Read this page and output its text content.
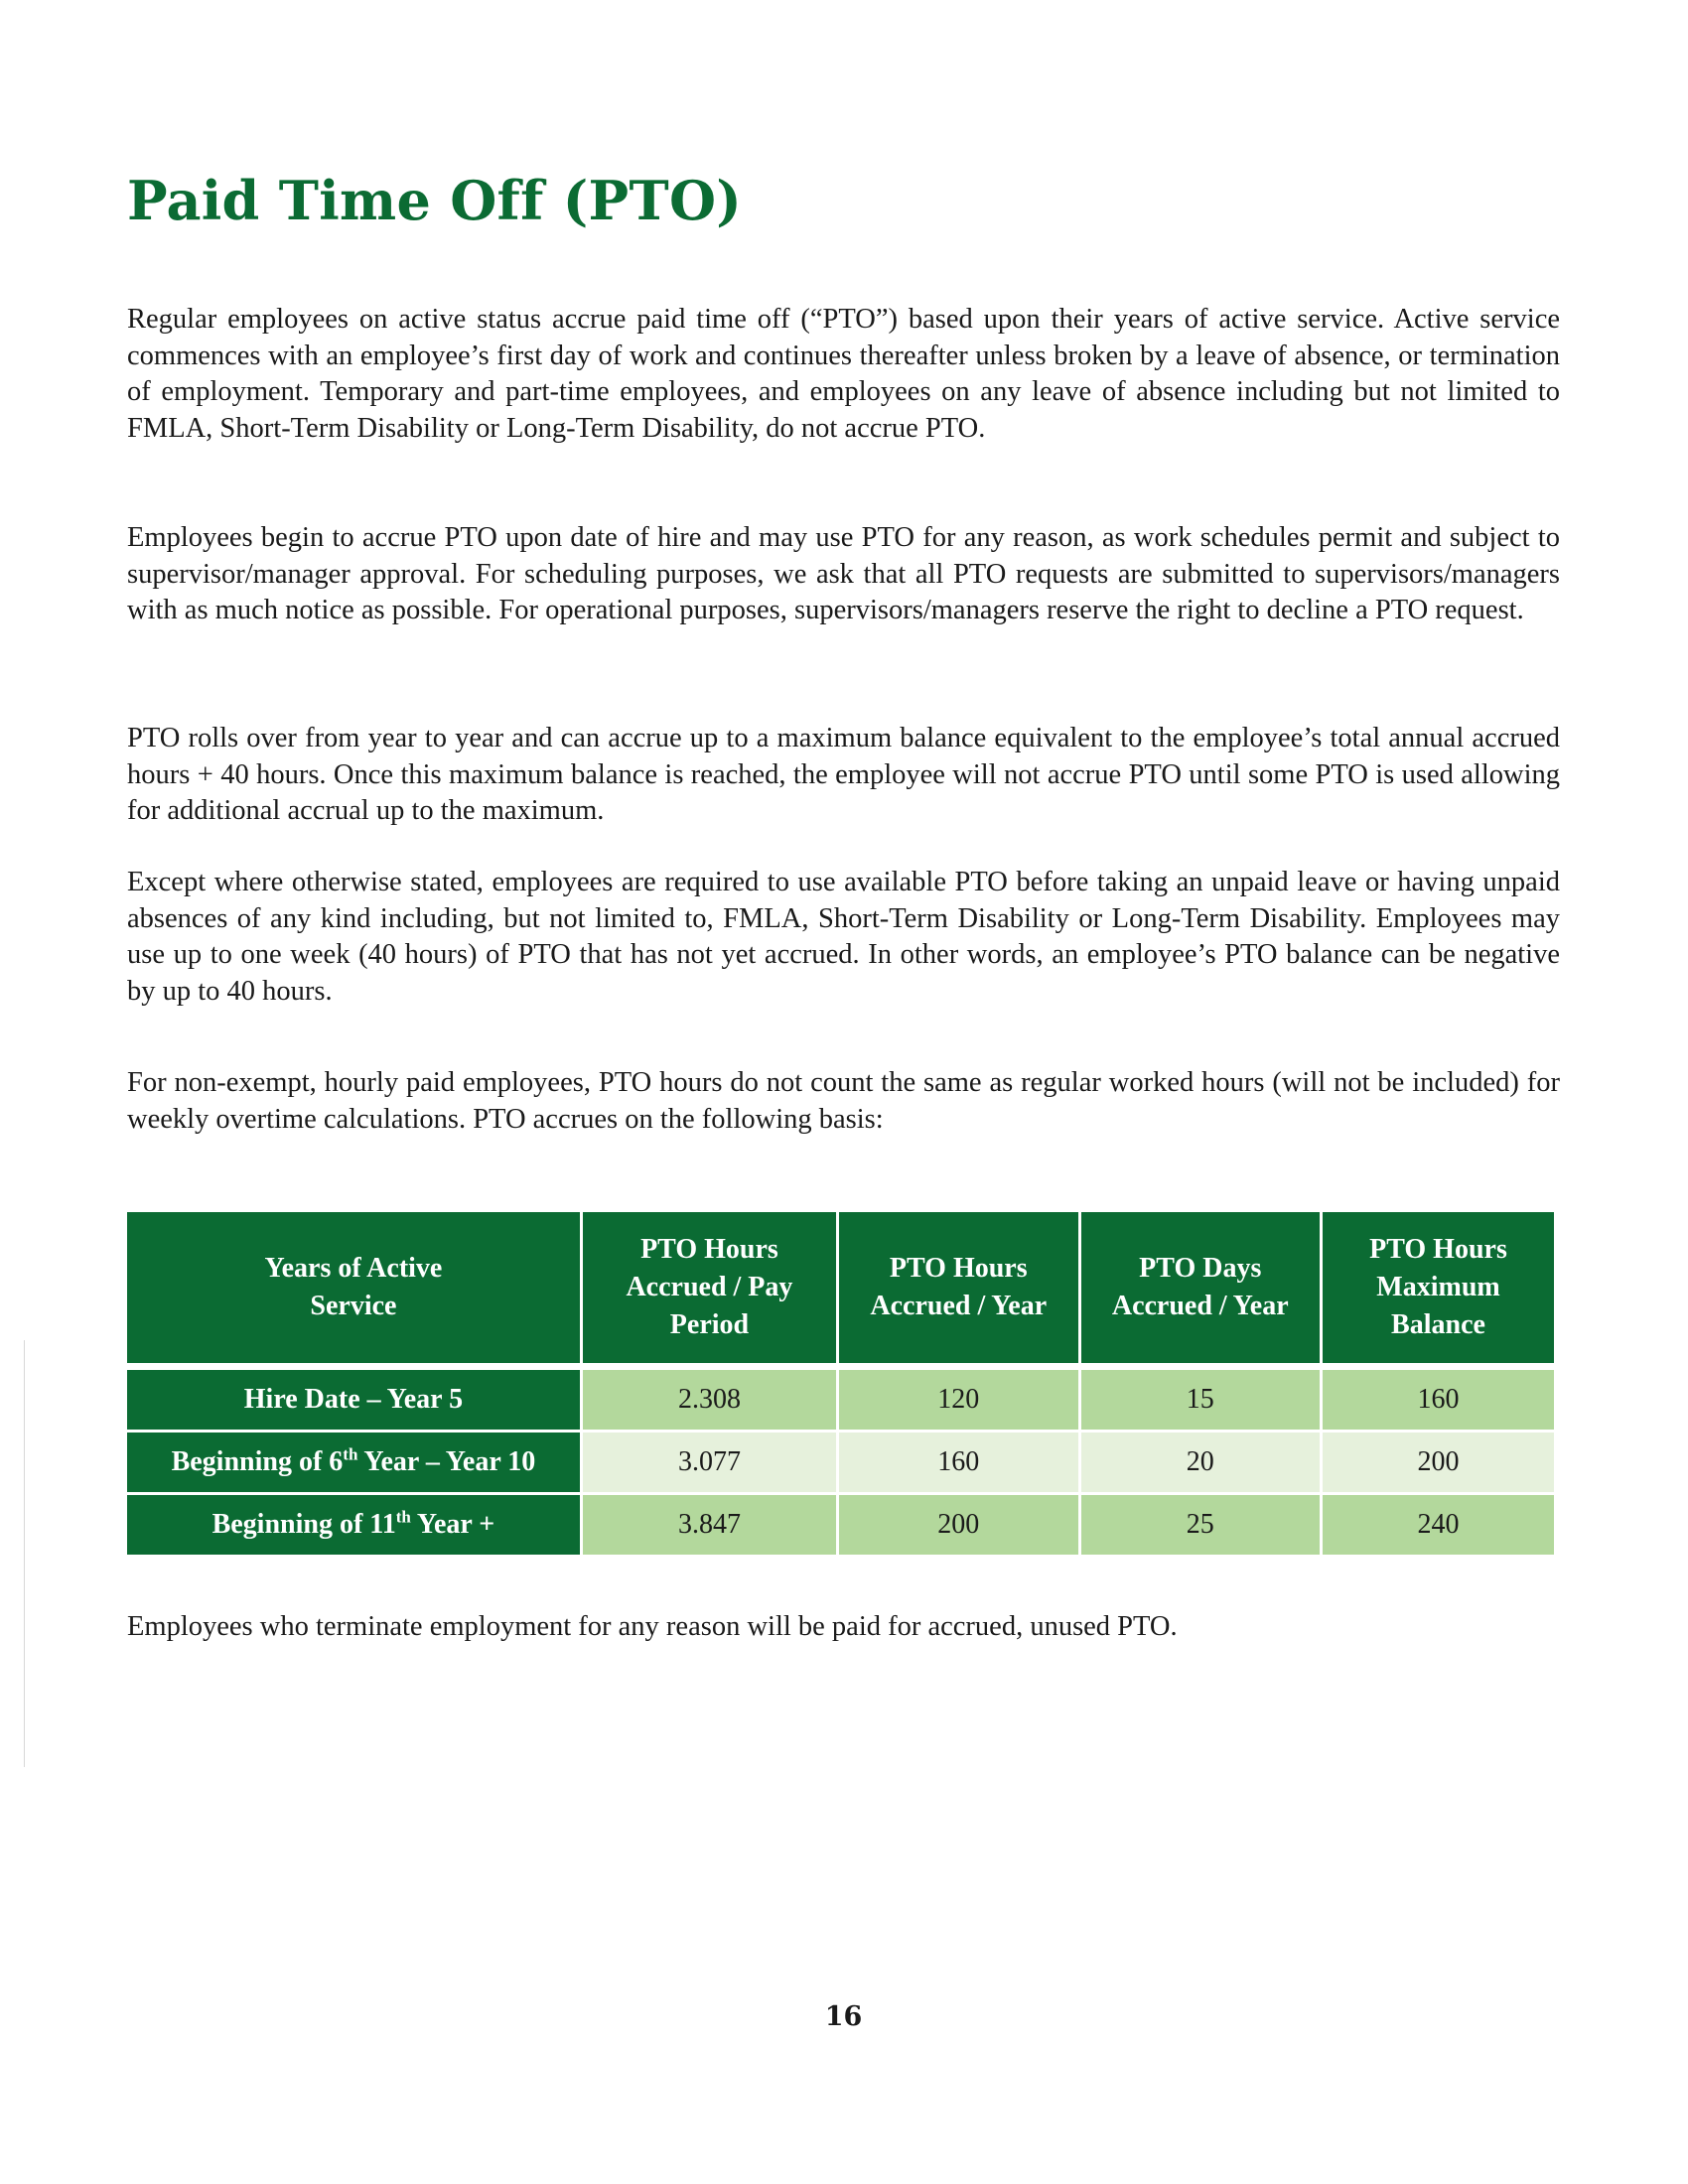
Paid Time Off (PTO)

Regular employees on active status accrue paid time off (“PTO”) based upon their years of active service. Active service commences with an employee’s first day of work and continues thereafter unless broken by a leave of absence, or termination of employment. Temporary and part-time employees, and employees on any leave of absence including but not limited to FMLA, Short-Term Disability or Long-Term Disability, do not accrue PTO.

Employees begin to accrue PTO upon date of hire and may use PTO for any reason, as work schedules permit and subject to supervisor/manager approval. For scheduling purposes, we ask that all PTO requests are submitted to supervisors/managers with as much notice as possible. For operational purposes, supervisors/managers reserve the right to decline a PTO request.

PTO rolls over from year to year and can accrue up to a maximum balance equivalent to the employee’s total annual accrued hours + 40 hours. Once this maximum balance is reached, the employee will not accrue PTO until some PTO is used allowing for additional accrual up to the maximum.

Except where otherwise stated, employees are required to use available PTO before taking an unpaid leave or having unpaid absences of any kind including, but not limited to, FMLA, Short-Term Disability or Long-Term Disability. Employees may use up to one week (40 hours) of PTO that has not yet accrued. In other words, an employee’s PTO balance can be negative by up to 40 hours.

For non-exempt, hourly paid employees, PTO hours do not count the same as regular worked hours (will not be included) for weekly overtime calculations. PTO accrues on the following basis:

Years of Active Service	PTO Hours Accrued / Pay Period	PTO Hours Accrued / Year	PTO Days Accrued / Year	PTO Hours Maximum Balance
Hire Date – Year 5	2.308	120	15	160
Beginning of 6th Year – Year 10	3.077	160	20	200
Beginning of 11th Year +	3.847	200	25	240

Employees who terminate employment for any reason will be paid for accrued, unused PTO.

16
